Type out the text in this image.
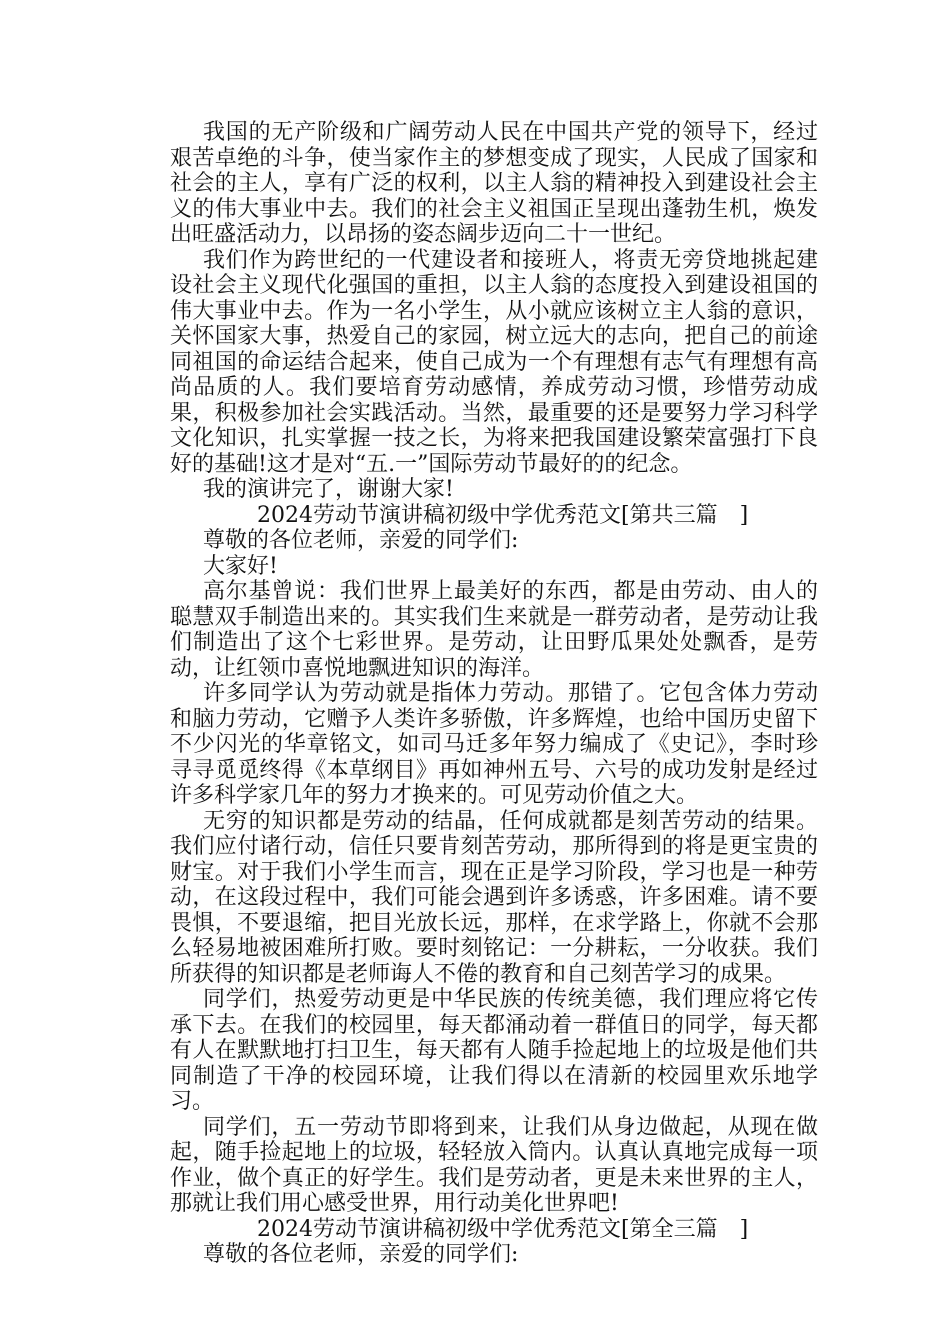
我国的无产阶级和广阔劳动人民在中国共产党的领导下，经过艰苦卓绝的斗争，使当家作主的梦想变成了现实，人民成了国家和社会的主人，享有广泛的权利，以主人翁的精神投入到建设社会主义的伟大事业中去。我们的社会主义祖国正呈现出蓬勃生机，焕发出旺盛活动力，以昂扬的姿态阔步迈向二十一世纪。

我们作为跨世纪的一代建设者和接班人，将责无旁贷地挑起建设社会主义现代化强国的重担，以主人翁的态度投入到建设祖国的伟大事业中去。作为一名小学生，从小就应该树立主人翁的意识，关怀国家大事，热爱自己的家园，树立远大的志向，把自己的前途同祖国的命运结合起来，使自己成为一个有理想有志气有理想有高尚品质的人。我们要培育劳动感情，养成劳动习惯，珍惜劳动成果，积极参加社会实践活动。当然，最重要的还是要努力学习科学文化知识，扎实掌握一技之长，为将来把我国建设繁荣富强打下良好的基础!这才是对“五.一”国际劳动节最好的的纪念。

我的演讲完了，谢谢大家!

2024劳动节演讲稿初级中学优秀范文[第共三篇　]

尊敬的各位老师，亲爱的同学们:

大家好!

高尔基曾说：我们世界上最美好的东西，都是由劳动、由人的聪慧双手制造出来的。其实我们生来就是一群劳动者，是劳动让我们制造出了这个七彩世界。是劳动，让田野瓜果处处飘香，是劳动，让红领巾喜悦地飘进知识的海洋。

许多同学认为劳动就是指体力劳动。那错了。它包含体力劳动和脑力劳动，它赠予人类许多骄傲，许多辉煌，也给中国历史留下不少闪光的华章铭文，如司马迁多年努力编成了《史记》，李时珍寻寻觅觅终得《本草纲目》再如神州五号、六号的成功发射是经过许多科学家几年的努力才换来的。可见劳动价值之大。

无穷的知识都是劳动的结晶，任何成就都是刻苦劳动的结果。我们应付诸行动，信任只要肯刻苦劳动，那所得到的将是更宝贵的财宝。对于我们小学生而言，现在正是学习阶段，学习也是一种劳动，在这段过程中，我们可能会遇到许多诱惑，许多困难。请不要畏惧，不要退缩，把目光放长远，那样，在求学路上，你就不会那么轻易地被困难所打败。要时刻铭记：一分耕耘，一分收获。我们所获得的知识都是老师诲人不倦的教育和自己刻苦学习的成果。

同学们，热爱劳动更是中华民族的传统美德，我们理应将它传承下去。在我们的校园里，每天都涌动着一群值日的同学，每天都有人在默默地打扫卫生，每天都有人随手捡起地上的垃圾是他们共同制造了干净的校园环境，让我们得以在清新的校园里欢乐地学习。

同学们，五一劳动节即将到来，让我们从身边做起，从现在做起，随手捡起地上的垃圾，轻轻放入筒内。认真认真地完成每一项作业，做个真正的好学生。我们是劳动者，更是未来世界的主人，那就让我们用心感受世界，用行动美化世界吧!

2024劳动节演讲稿初级中学优秀范文[第全三篇　]

尊敬的各位老师，亲爱的同学们:
